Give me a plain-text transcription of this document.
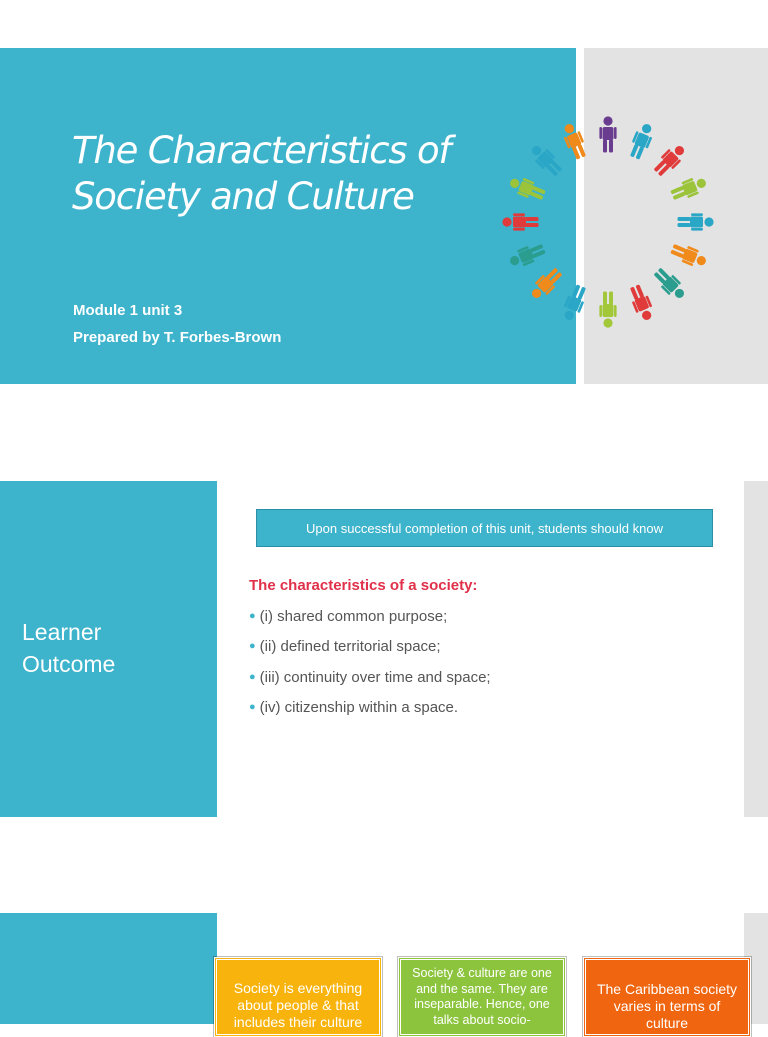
The Characteristics of
Society and Culture
Module 1 unit 3
Prepared by T. Forbes-Brown
Learner
Outcome
Upon successful completion of this unit, students should know
The characteristics of a society:
● (i) shared common purpose;
● (ii) defined territorial space;
● (iii) continuity over time and space;
● (iv) citizenship within a space.
Society is everything about people & that includes their culture
Society & culture are one and the same. They are inseparable. Hence, one talks about socio-
The Caribbean society varies in terms of culture
